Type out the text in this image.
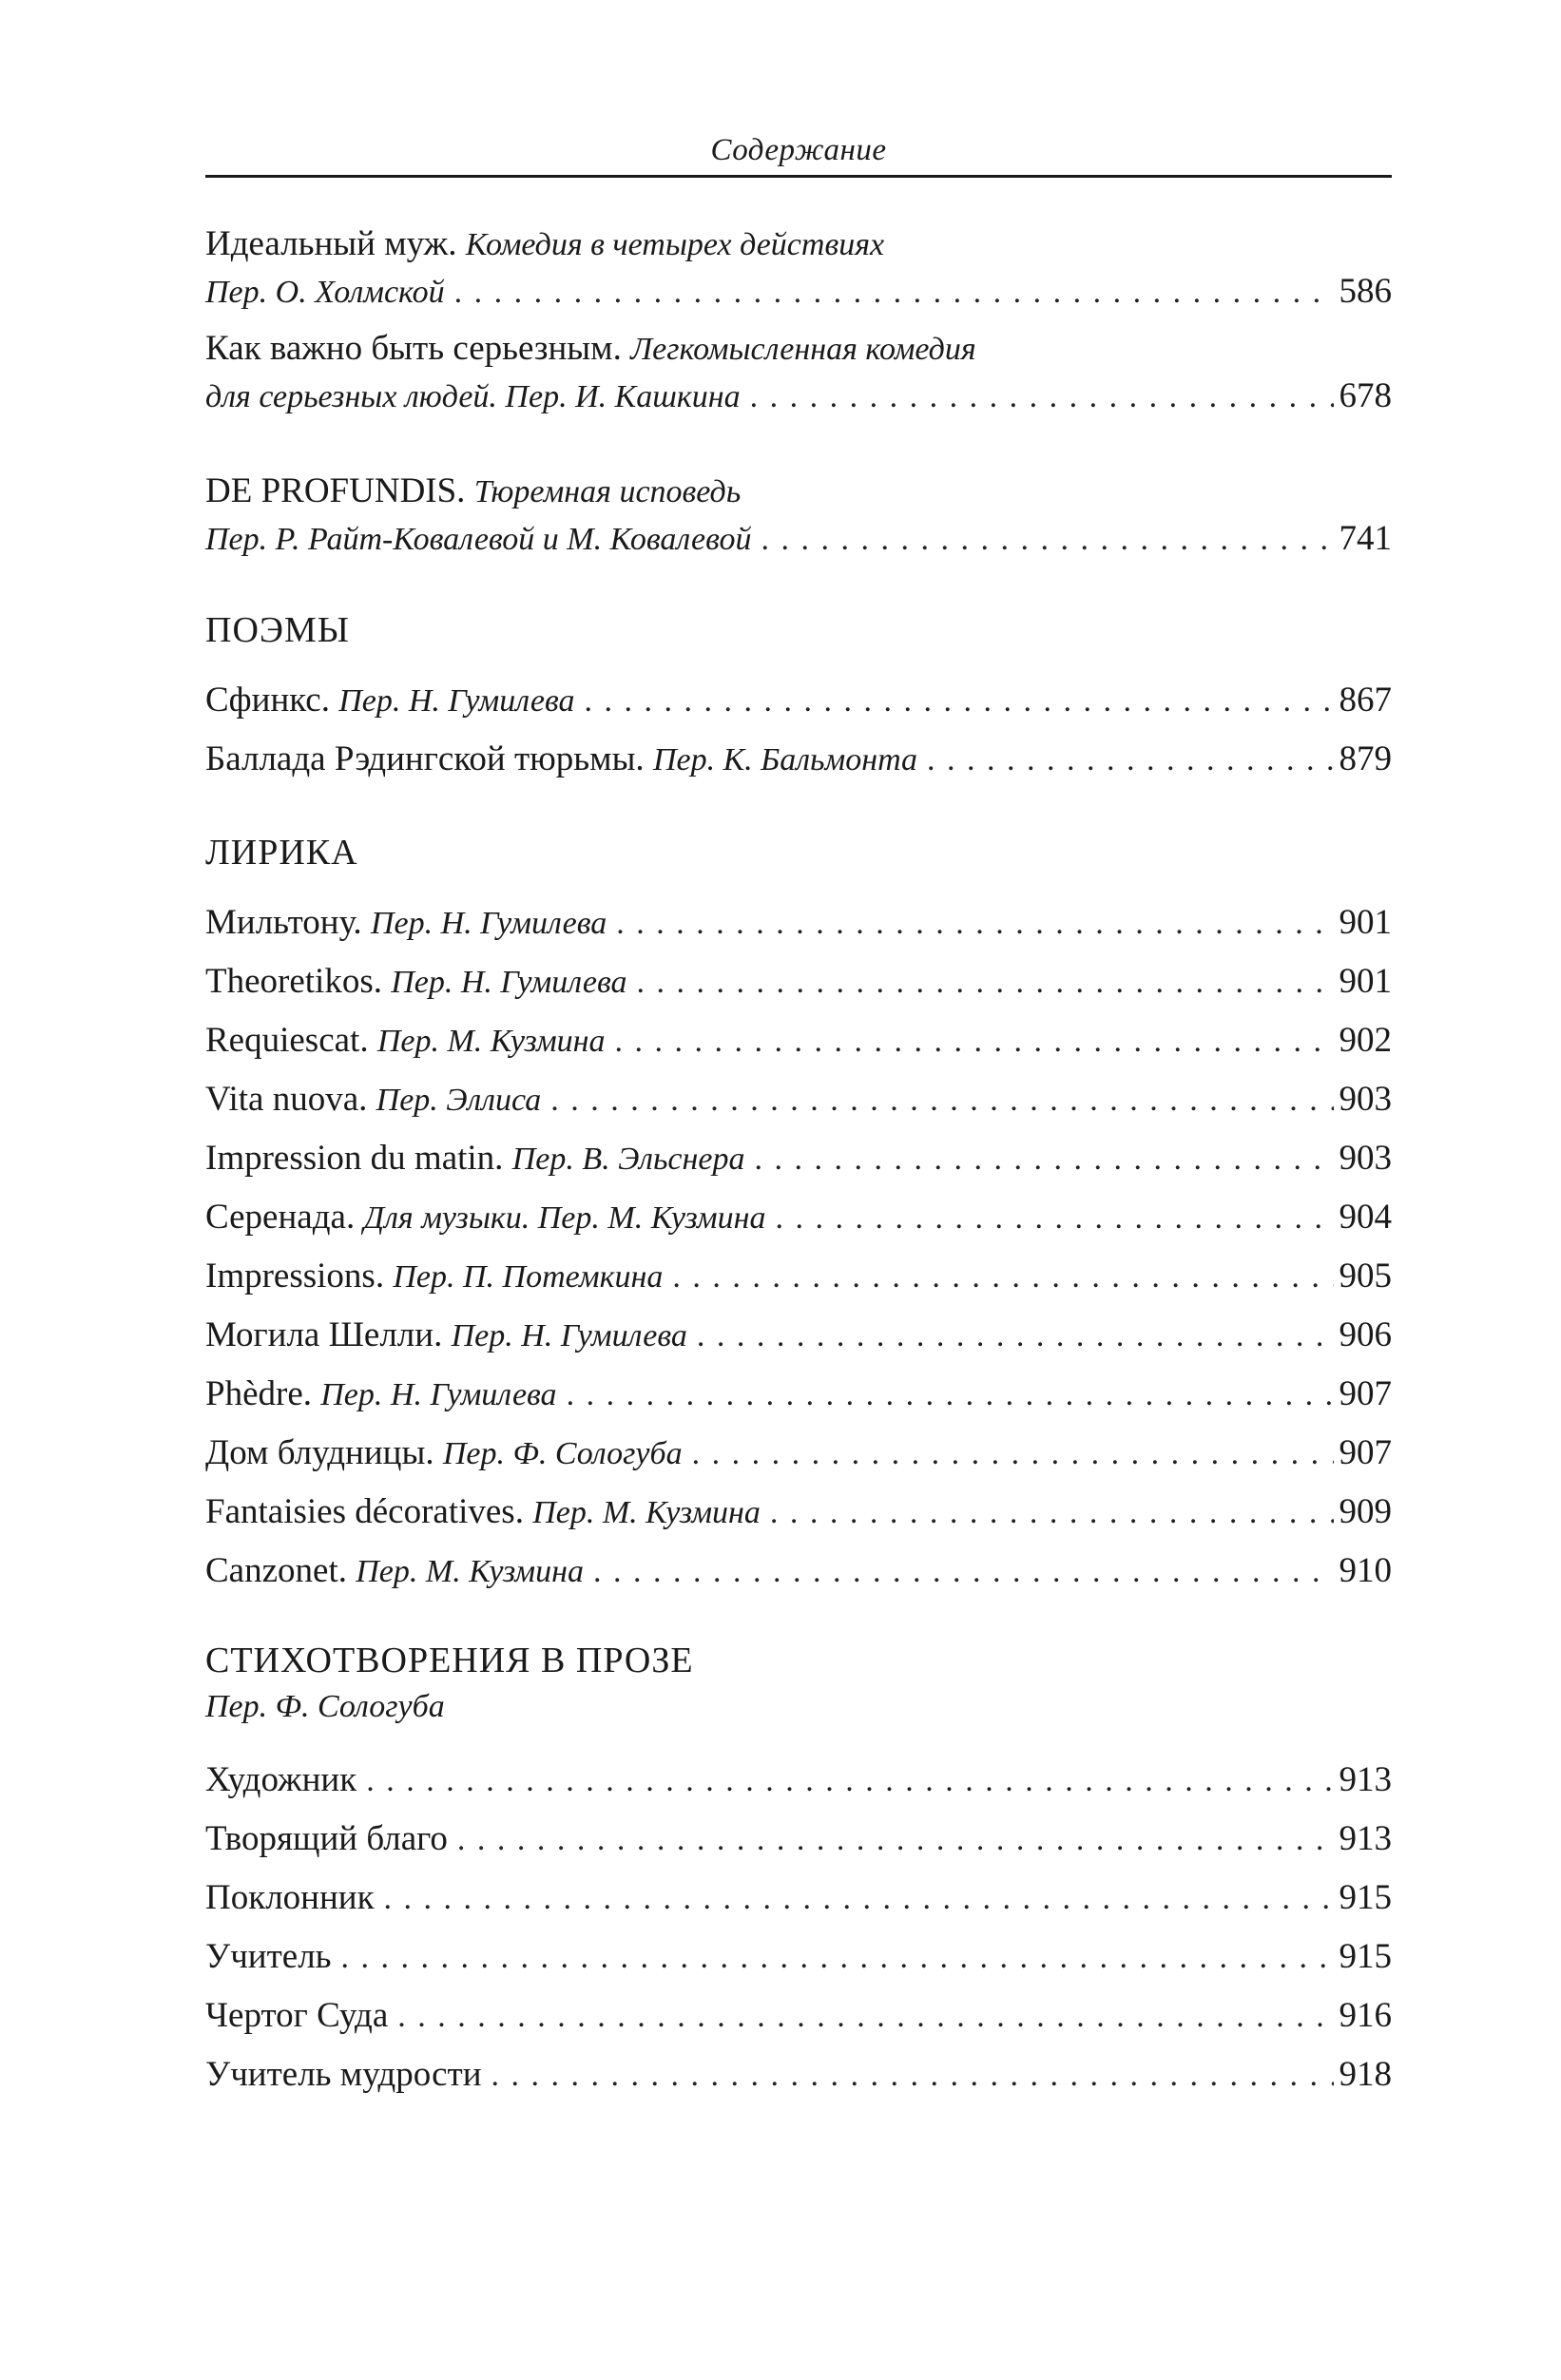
Содержание
Идеальный муж.
Комедия в четырех действиях
Пер. О. Холмской . . .	586
Как важно быть серьезным.
Легкомысленная комедия
для серьезных людей. Пер. И. Кашкина . . .	678
DE PROFUNDIS.
Тюремная исповедь
Пер. Р. Райт-Ковалевой и М. Ковалевой . . .	741
ПОЭМЫ
Сфинкс.
Пер. Н. Гумилева . . .	867
Баллада Рэдингской тюрьмы.
Пер. К. Бальмонта . . .	879
ЛИРИКА
Мильтону.
Пер. Н. Гумилева . . .	901
Theoretikos.
Пер. Н. Гумилева . . .	901
Requiescat.
Пер. М. Кузмина . . .	902
Vita nuova.
Пер. Эллиса . . .	903
Impression du matin.
Пер. В. Эльснера . . .	903
Серенада.
Для музыки. Пер. М. Кузмина . . .	904
Impressions.
Пер. П. Потемкина . . .	905
Могила Шелли.
Пер. Н. Гумилева . . .	906
Phèdre.
Пер. Н. Гумилева . . .	907
Дом блудницы.
Пер. Ф. Сологуба . . .	907
Fantaisies décoratives.
Пер. М. Кузмина . . .	909
Canzonet.
Пер. М. Кузмина . . .	910
СТИХОТВОРЕНИЯ В ПРОЗЕ
Пер. Ф. Сологуба
Художник . . .	913
Творящий благо . . .	913
Поклонник . . .	915
Учитель . . .	915
Чертог Суда . . .	916
Учитель мудрости . . .	918
